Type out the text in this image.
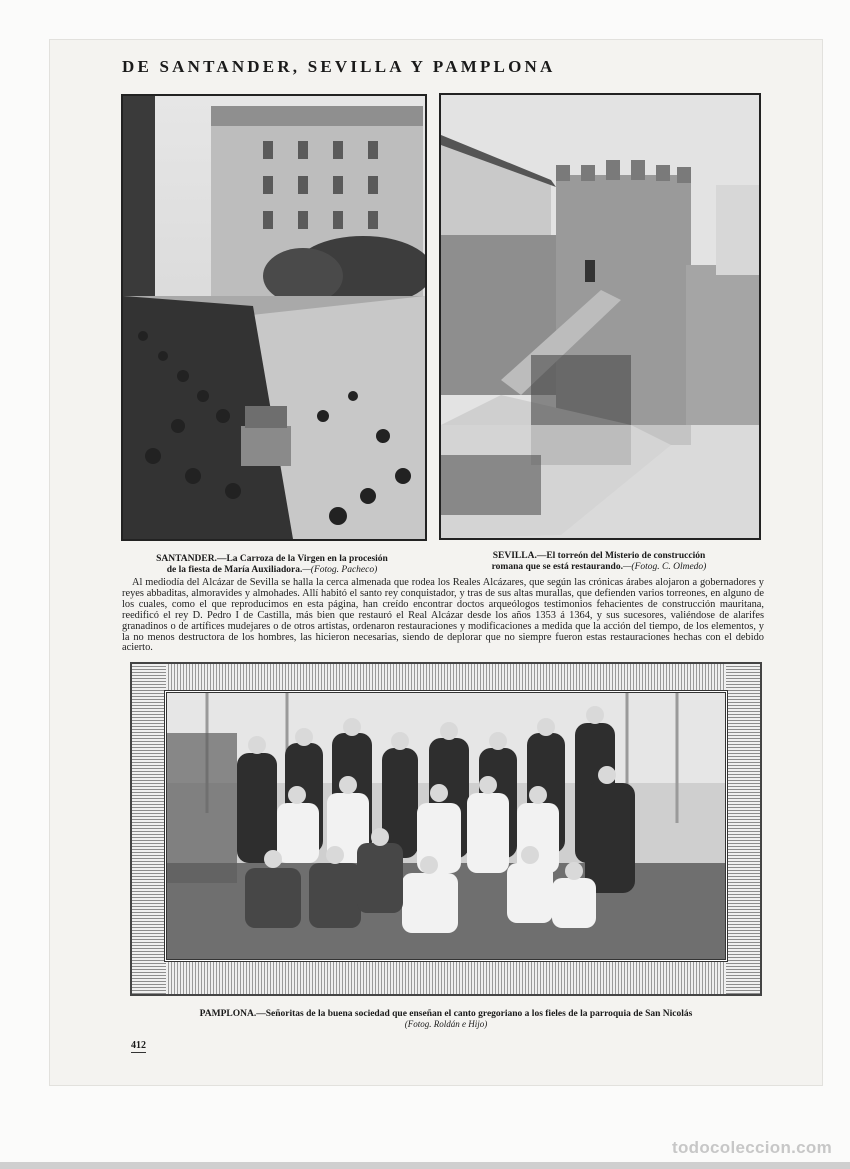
DE SANTANDER, SEVILLA Y PAMPLONA
SANTANDER.—La Carroza de la Virgen en la procesión
de la fiesta de María Auxiliadora.—(Fotog. Pacheco)
SEVILLA.—El torreón del Misterio de construcción
romana que se está restaurando.—(Fotog. C. Olmedo)
Al mediodía del Alcázar de Sevilla se halla la cerca almenada que rodea los Reales Alcázares, que según las crónicas árabes alojaron a gobernadores y reyes abbaditas, almoravides y almohades. Allí habitó el santo rey conquistador, y tras de sus altas murallas, que defienden varios torreones, en alguno de los cuales, como el que reproducimos en esta página, han creído encontrar doctos arqueólogos testimonios fehacientes de construcción mauritana, reedificó el rey D. Pedro I de Castilla, más bien que restauró el Real Alcázar desde los años 1353 á 1364, y sus sucesores, valiéndose de alarifes granadinos o de artífices mudejares o de otros artistas, ordenaron restauraciones y modificaciones a medida que la acción del tiempo, de los elementos, y la no menos destructora de los hombres, las hicieron necesarias, siendo de deplorar que no siempre fueron estas restauraciones hechas con el debido acierto.
PAMPLONA.—Señoritas de la buena sociedad que enseñan el canto gregoriano a los fieles de la parroquia de San Nicolás
(Fotog. Roldán e Hijo)
412
todocoleccion.com
